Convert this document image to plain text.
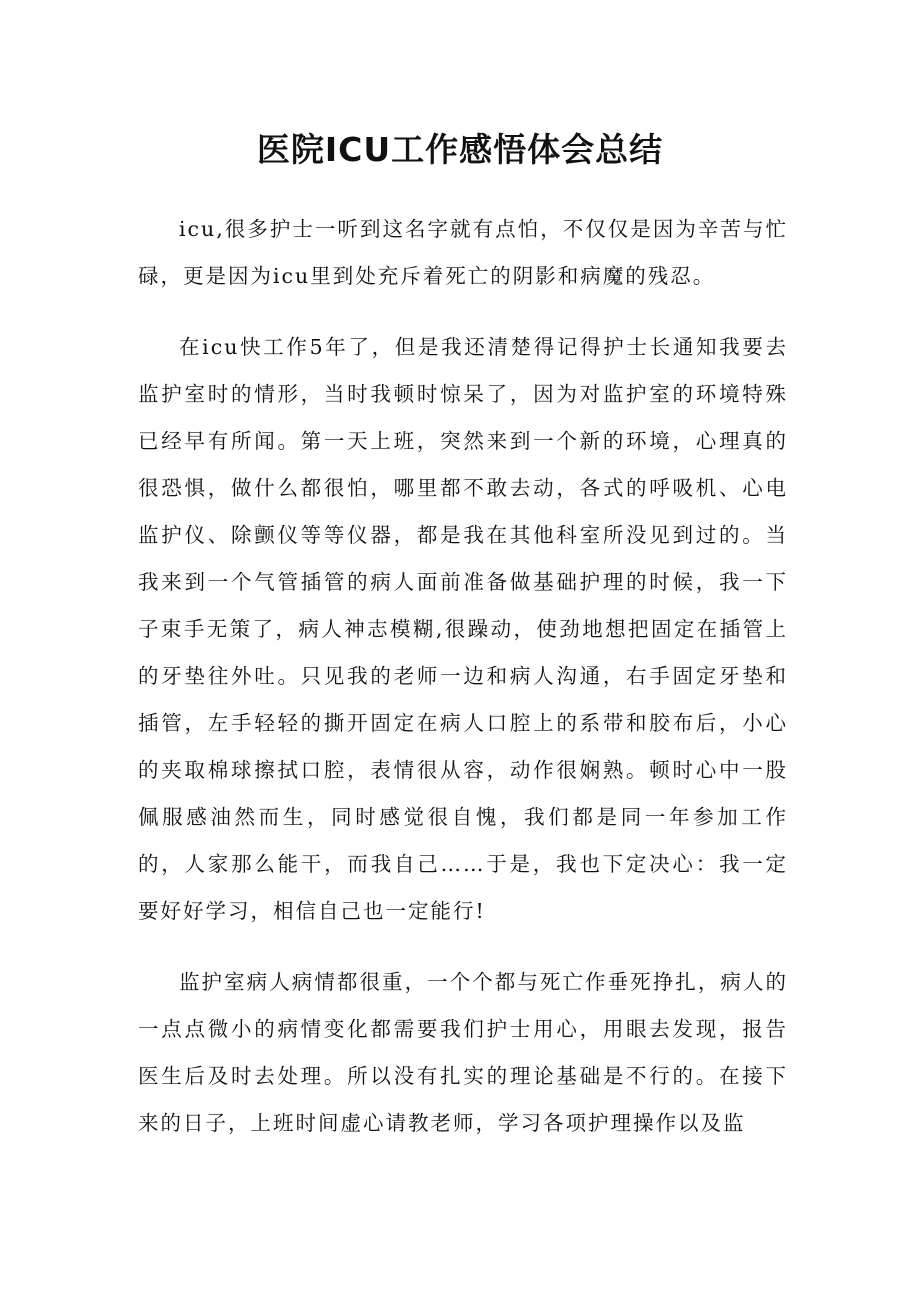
医院ICU工作感悟体会总结

icu,很多护士一听到这名字就有点怕，不仅仅是因为辛苦与忙碌，更是因为icu里到处充斥着死亡的阴影和病魔的残忍。

在icu快工作5年了，但是我还清楚得记得护士长通知我要去监护室时的情形，当时我顿时惊呆了，因为对监护室的环境特殊已经早有所闻。第一天上班，突然来到一个新的环境，心理真的很恐惧，做什么都很怕，哪里都不敢去动，各式的呼吸机、心电监护仪、除颤仪等等仪器，都是我在其他科室所没见到过的。当我来到一个气管插管的病人面前准备做基础护理的时候，我一下子束手无策了，病人神志模糊,很躁动，使劲地想把固定在插管上的牙垫往外吐。只见我的老师一边和病人沟通，右手固定牙垫和插管，左手轻轻的撕开固定在病人口腔上的系带和胶布后，小心的夹取棉球擦拭口腔，表情很从容，动作很娴熟。顿时心中一股佩服感油然而生，同时感觉很自愧，我们都是同一年参加工作的，人家那么能干，而我自己……于是，我也下定决心：我一定要好好学习，相信自己也一定能行!

监护室病人病情都很重，一个个都与死亡作垂死挣扎，病人的一点点微小的病情变化都需要我们护士用心，用眼去发现，报告医生后及时去处理。所以没有扎实的理论基础是不行的。在接下来的日子，上班时间虚心请教老师，学习各项护理操作以及监
